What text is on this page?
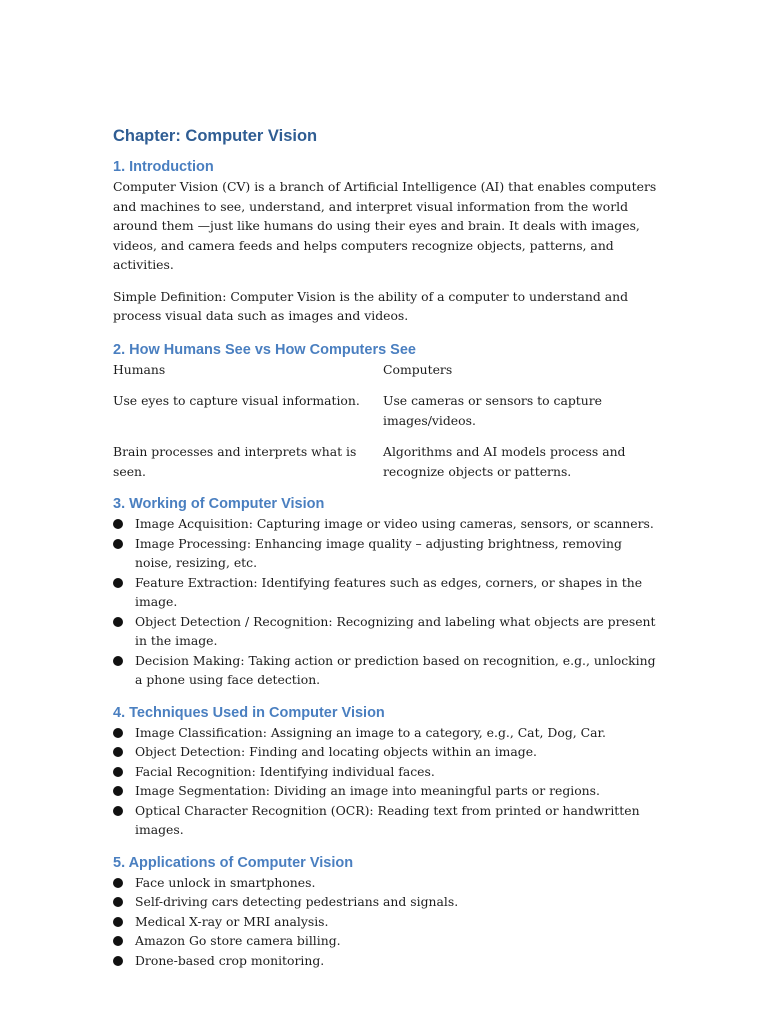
Chapter: Computer Vision
1. Introduction

Computer Vision (CV) is a branch of Artificial Intelligence (AI) that enables computers and machines to see, understand, and interpret visual information from the world around them —just like humans do using their eyes and brain. It deals with images, videos, and camera feeds and helps computers recognize objects, patterns, and activities.

Simple Definition: Computer Vision is the ability of a computer to understand and process visual data such as images and videos.

2. How Humans See vs How Computers See
Humans	Computers
Use eyes to capture visual information.	Use cameras or sensors to capture images/videos.
Brain processes and interprets what is seen.
Algorithms and AI models process and recognize objects or patterns.
3. Working of Computer Vision
Image Acquisition: Capturing image or video using cameras, sensors, or scanners.
Image Processing: Enhancing image quality – adjusting brightness, removing noise, resizing, etc.
Feature Extraction: Identifying features such as edges, corners, or shapes in the image.
Object Detection / Recognition: Recognizing and labeling what objects are present in the image.
Decision Making: Taking action or prediction based on recognition, e.g., unlocking a phone using face detection.
4. Techniques Used in Computer Vision
Image Classification: Assigning an image to a category, e.g., Cat, Dog, Car.
Object Detection: Finding and locating objects within an image.
Facial Recognition: Identifying individual faces.
Image Segmentation: Dividing an image into meaningful parts or regions.
Optical Character Recognition (OCR): Reading text from printed or handwritten images.
5. Applications of Computer Vision
Face unlock in smartphones.
Self-driving cars detecting pedestrians and signals.
Medical X-ray or MRI analysis.
Amazon Go store camera billing.
Drone-based crop monitoring.
